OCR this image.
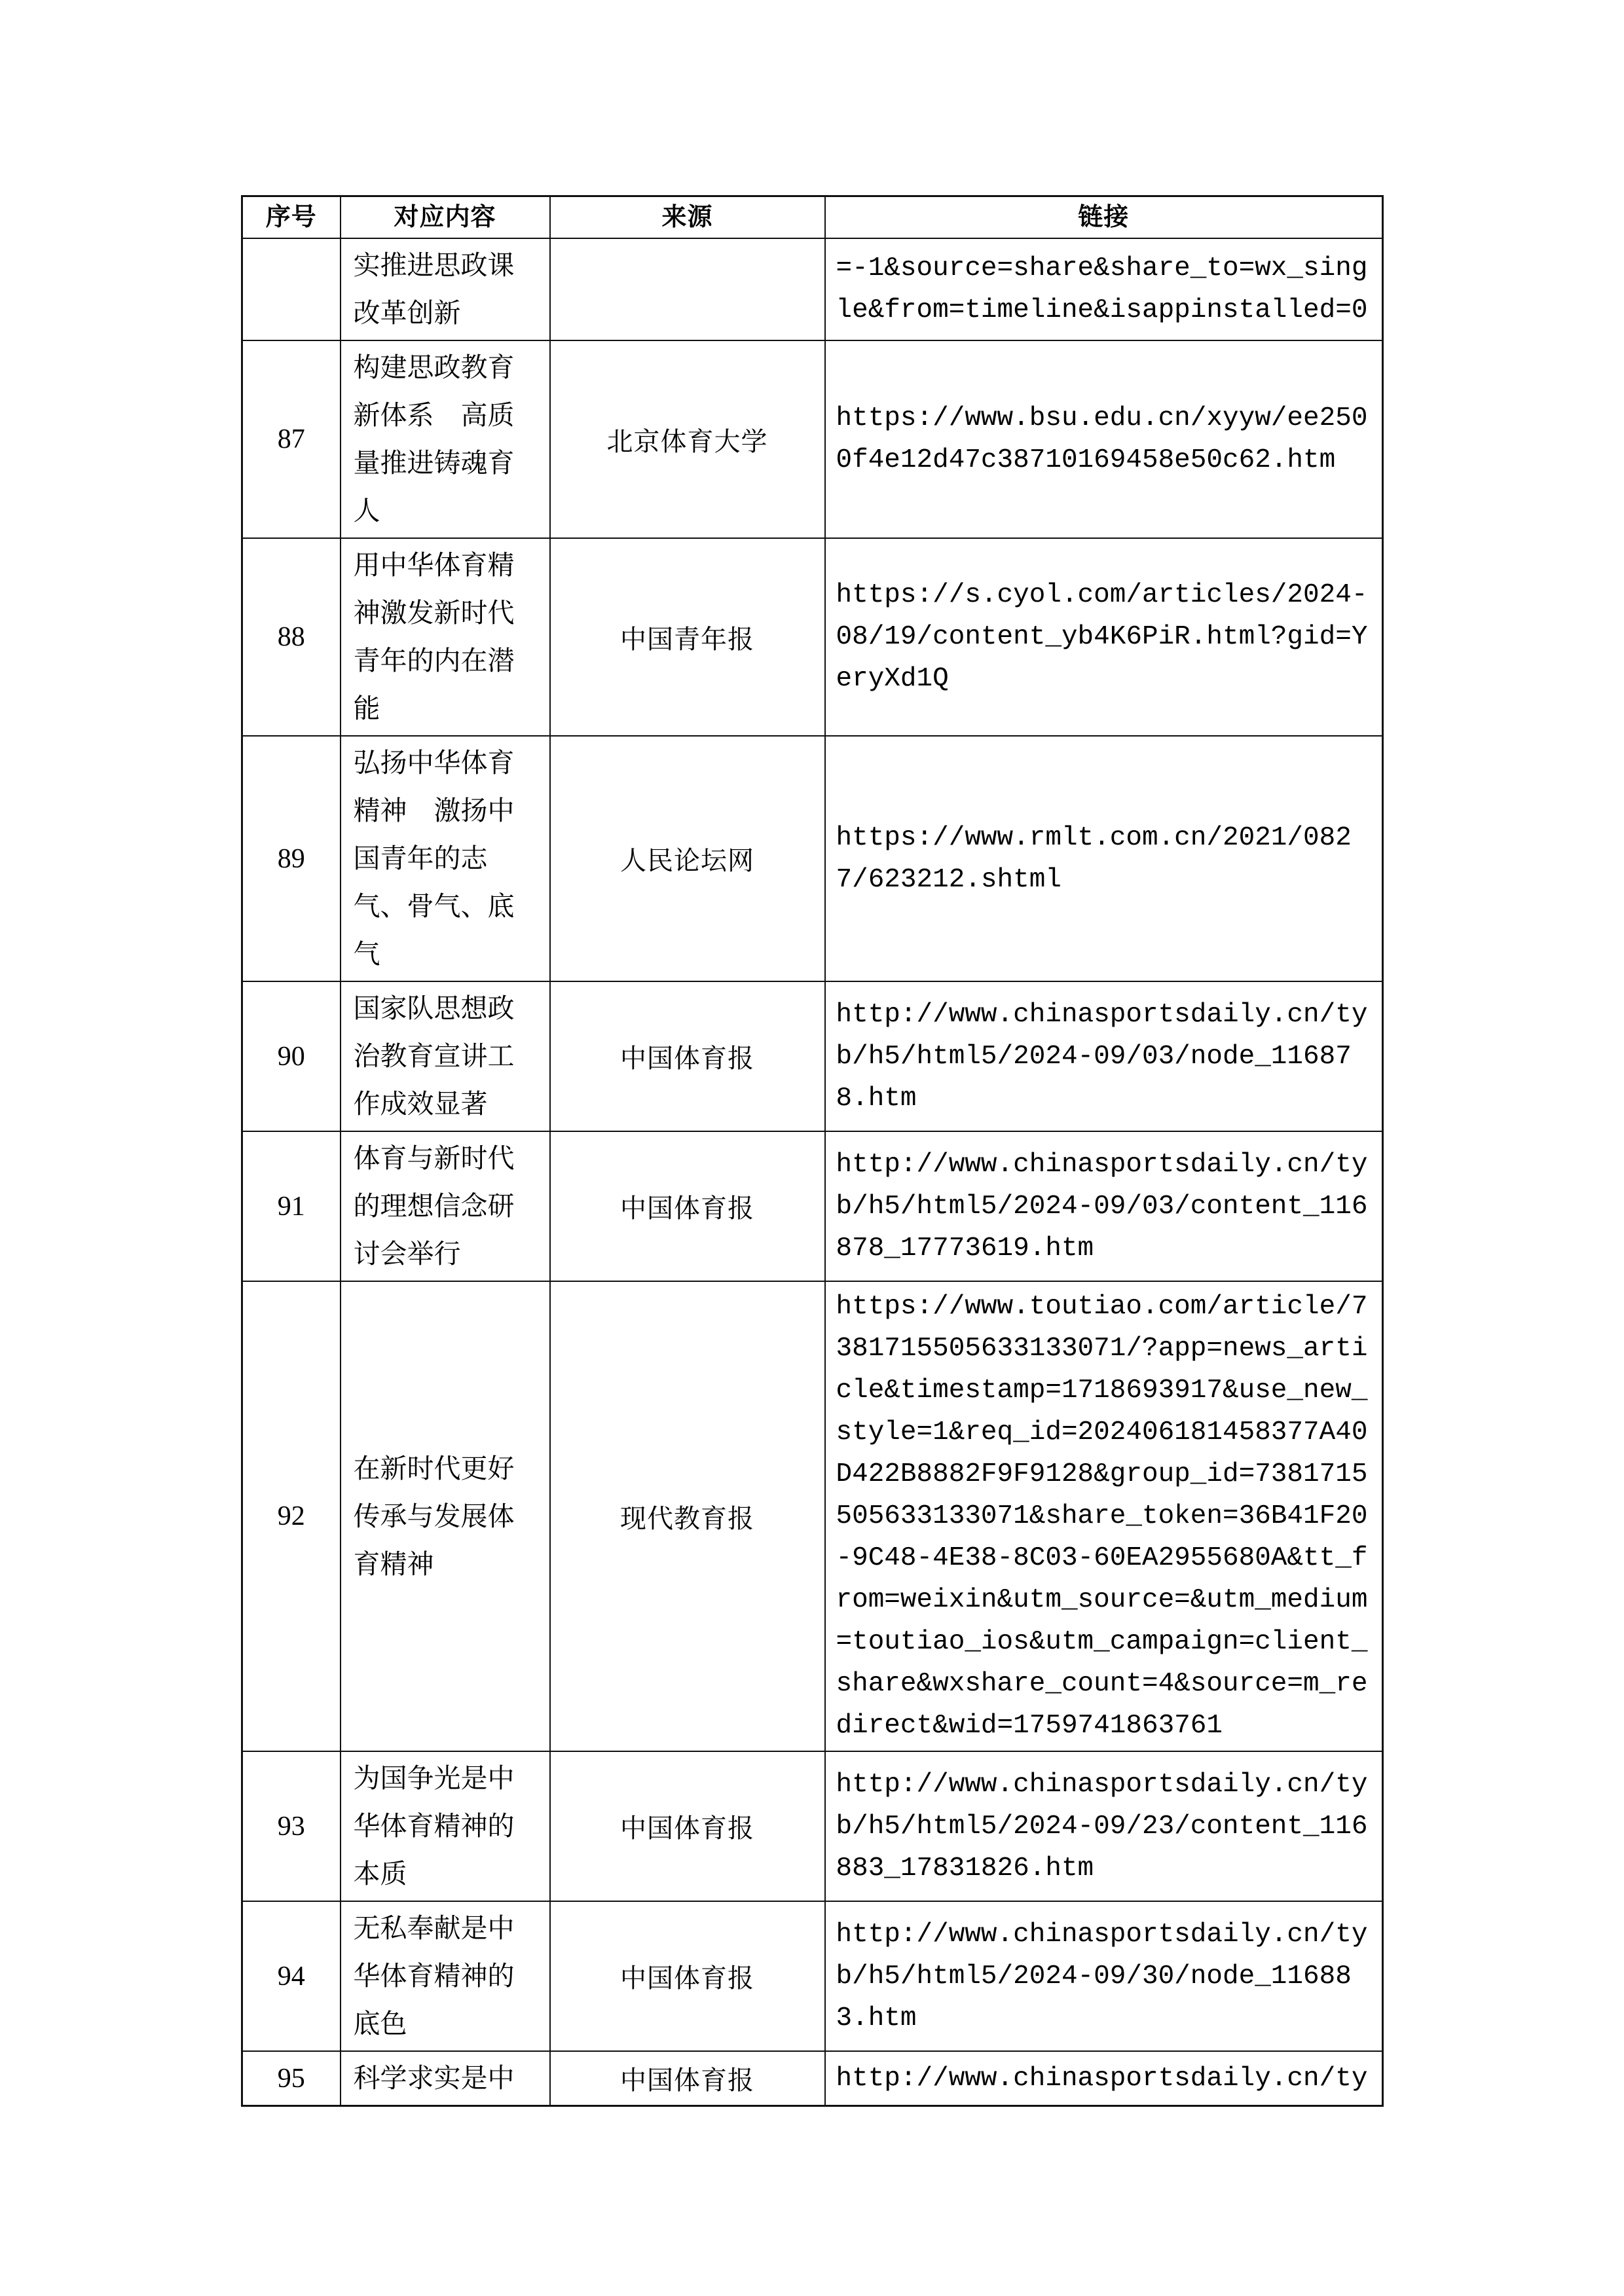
序号	对应内容	来源	链接
	实推进思政课改革创新		=-1&source=share&share_to=wx_single&from=timeline&isappinstalled=0
87	构建思政教育新体系　高质量推进铸魂育人	北京体育大学	https://www.bsu.edu.cn/xyyw/ee2500f4e12d47c38710169458e50c62.htm
88	用中华体育精神激发新时代青年的内在潜能	中国青年报	https://s.cyol.com/articles/2024-08/19/content_yb4K6PiR.html?gid=YeryXd1Q
89	弘扬中华体育精神　激扬中国青年的志气、骨气、底气	人民论坛网	https://www.rmlt.com.cn/2021/0827/623212.shtml
90	国家队思想政治教育宣讲工作成效显著	中国体育报	http://www.chinasportsdaily.cn/tyb/h5/html5/2024-09/03/node_116878.htm
91	体育与新时代的理想信念研讨会举行	中国体育报	http://www.chinasportsdaily.cn/tyb/h5/html5/2024-09/03/content_116878_17773619.htm
92	在新时代更好传承与发展体育精神	现代教育报	https://www.toutiao.com/article/7381715505633133071/?app=news_article&timestamp=1718693917&use_new_style=1&req_id=202406181458377A40D422B8882F9F9128&group_id=7381715505633133071&share_token=36B41F20-9C48-4E38-8C03-60EA2955680A&tt_from=weixin&utm_source=&utm_medium=toutiao_ios&utm_campaign=client_share&wxshare_count=4&source=m_redirect&wid=1759741863761
93	为国争光是中华体育精神的本质	中国体育报	http://www.chinasportsdaily.cn/tyb/h5/html5/2024-09/23/content_116883_17831826.htm
94	无私奉献是中华体育精神的底色	中国体育报	http://www.chinasportsdaily.cn/tyb/h5/html5/2024-09/30/node_116883.htm
95	科学求实是中	中国体育报	http://www.chinasportsdaily.cn/ty
